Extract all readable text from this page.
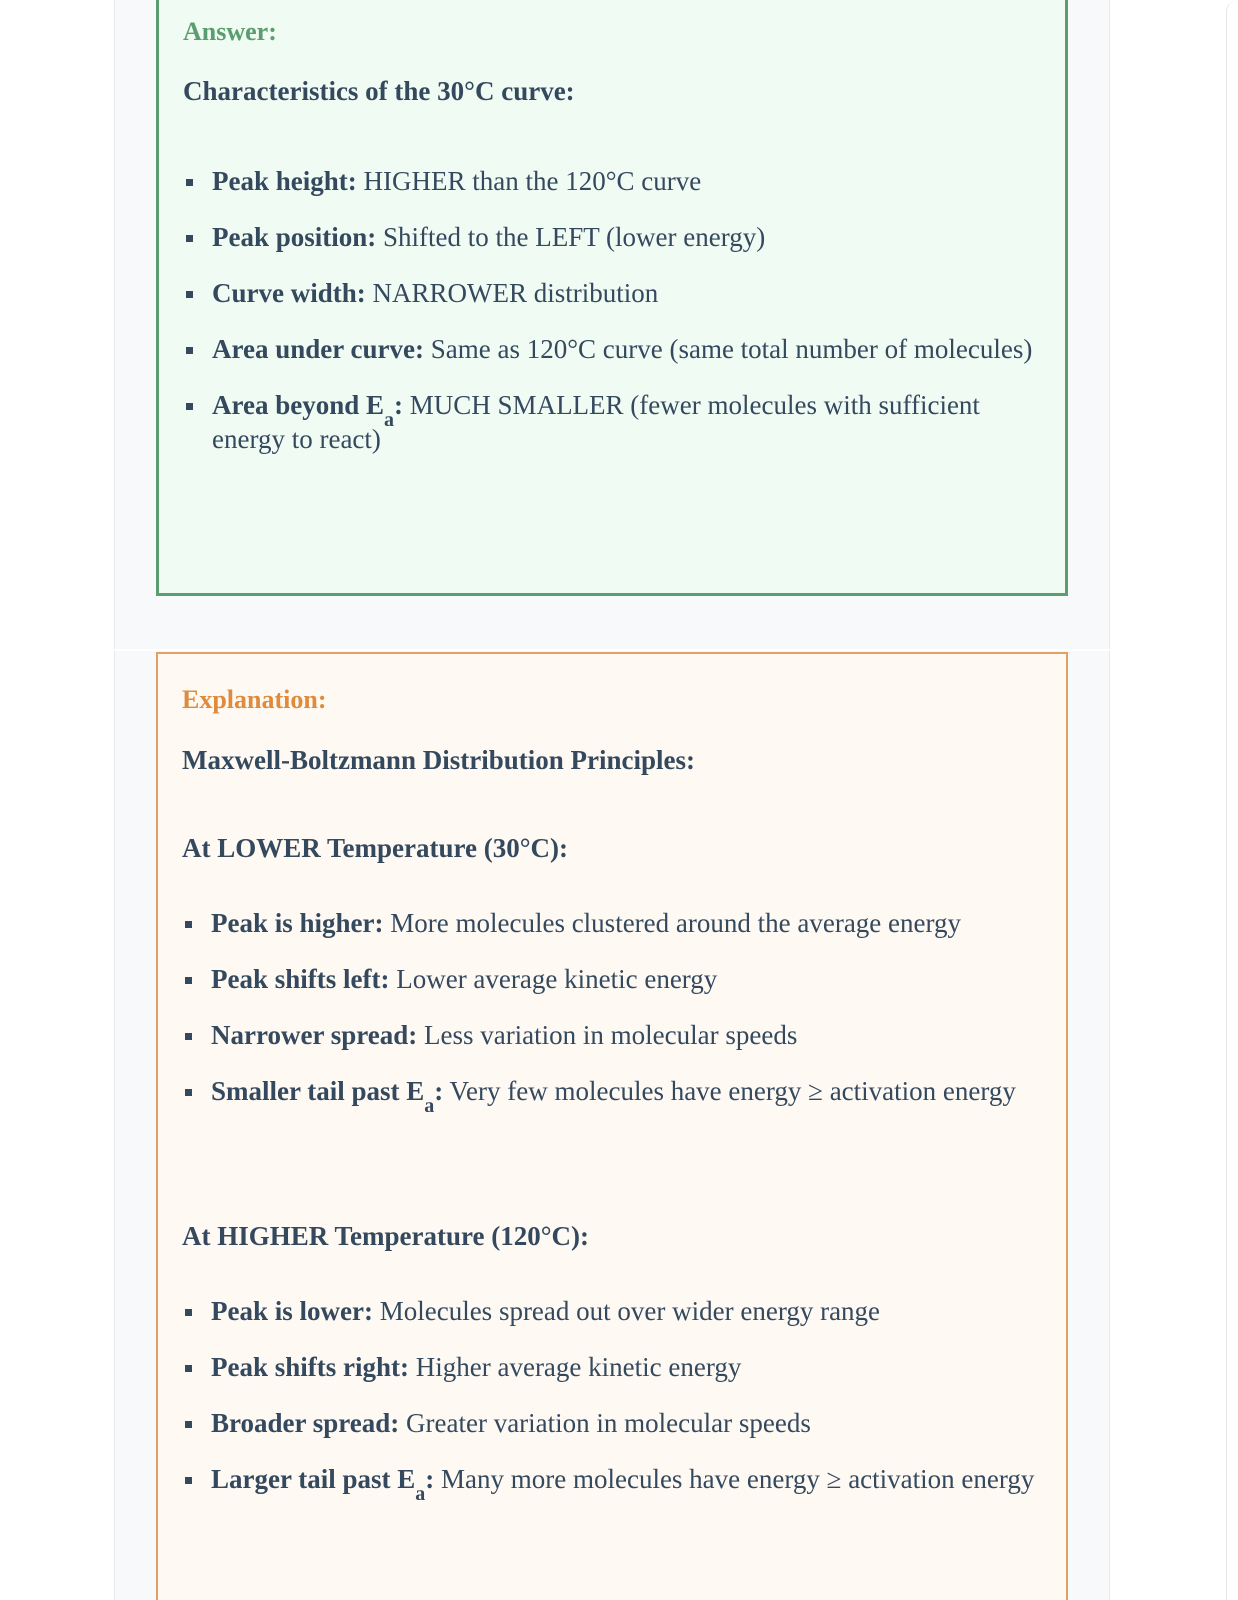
Answer:
Characteristics of the 30°C curve:
Peak height: HIGHER than the 120°C curve
Peak position: Shifted to the LEFT (lower energy)
Curve width: NARROWER distribution
Area under curve: Same as 120°C curve (same total number of molecules)
Area beyond $E_a$: MUCH SMALLER (fewer molecules with sufficient energy to react)
Explanation:
Maxwell-Boltzmann Distribution Principles:
At LOWER Temperature (30°C):
Peak is higher: More molecules clustered around the average energy
Peak shifts left: Lower average kinetic energy
Narrower spread: Less variation in molecular speeds
Smaller tail past $E_a$: Very few molecules have energy ≥ activation energy
At HIGHER Temperature (120°C):
Peak is lower: Molecules spread out over wider energy range
Peak shifts right: Higher average kinetic energy
Broader spread: Greater variation in molecular speeds
Larger tail past $E_a$: Many more molecules have energy ≥ activation energy
